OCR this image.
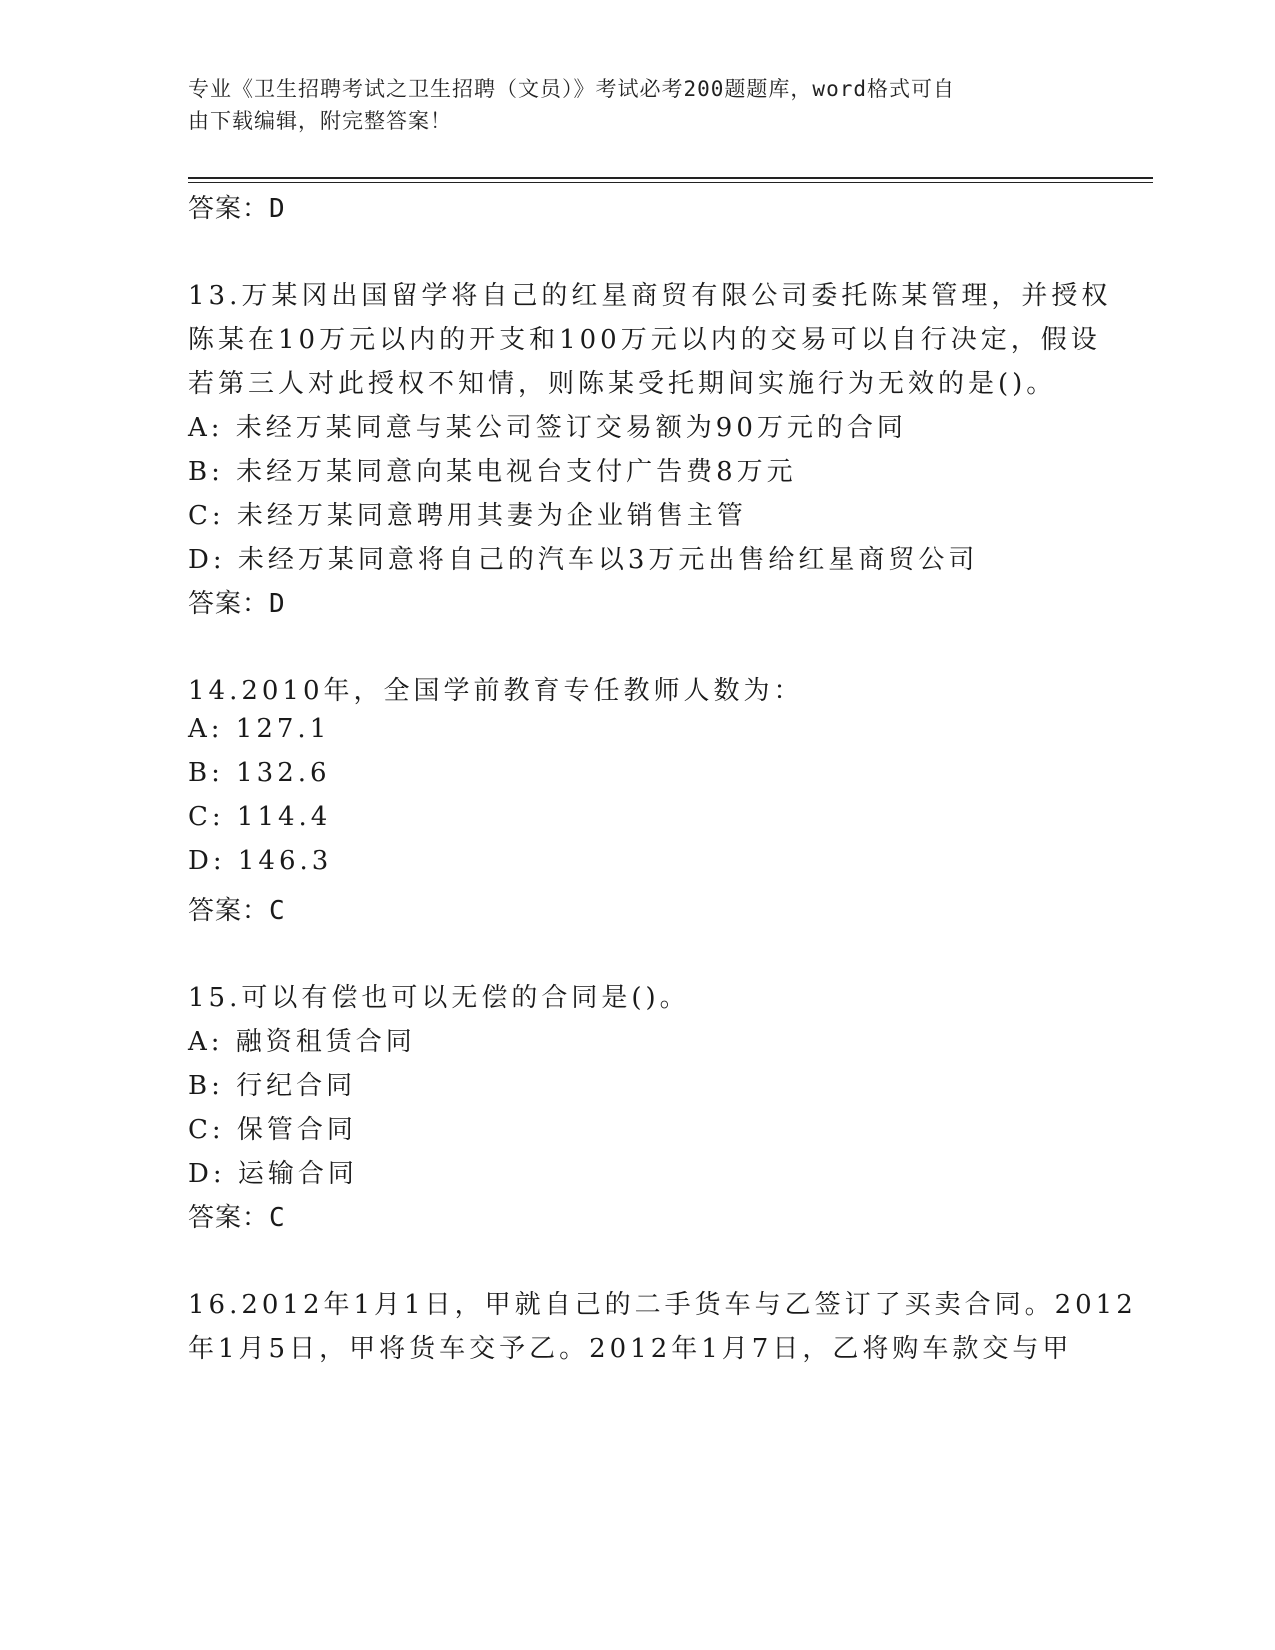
专业《卫生招聘考试之卫生招聘（文员）》考试必考200题题库，word格式可自
由下载编辑，附完整答案！
答案：D
13.万某冈出国留学将自己的红星商贸有限公司委托陈某管理，并授权
陈某在10万元以内的开支和100万元以内的交易可以自行决定，假设
若第三人对此授权不知情，则陈某受托期间实施行为无效的是()。
A: 未经万某同意与某公司签订交易额为90万元的合同
B: 未经万某同意向某电视台支付广告费8万元
C: 未经万某同意聘用其妻为企业销售主管
D: 未经万某同意将自己的汽车以3万元出售给红星商贸公司
答案：D
14.2010年，全国学前教育专任教师人数为：
A: 127.1
B: 132.6
C: 114.4
D: 146.3
答案：C
15.可以有偿也可以无偿的合同是()。
A: 融资租赁合同
B: 行纪合同
C: 保管合同
D: 运输合同
答案：C
16.2012年1月1日，甲就自己的二手货车与乙签订了买卖合同。2012
年1月5日，甲将货车交予乙。2012年1月7日，乙将购车款交与甲
